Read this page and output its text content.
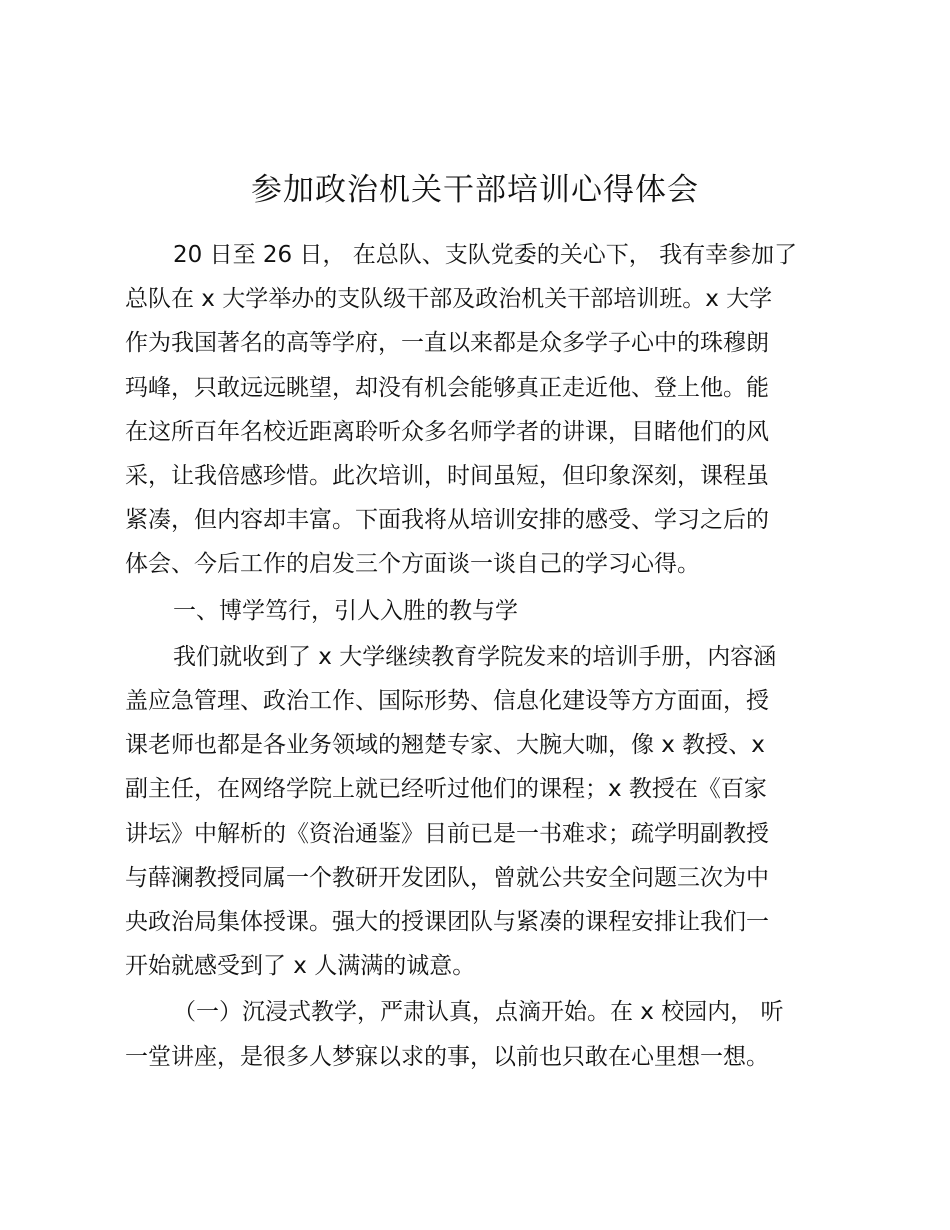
参加政治机关干部培训心得体会

20 日至 26 日， 在总队、支队党委的关心下， 我有幸参加了
总队在 x 大学举办的支队级干部及政治机关干部培训班。x 大学
作为我国著名的高等学府，一直以来都是众多学子心中的珠穆朗
玛峰，只敢远远眺望，却没有机会能够真正走近他、登上他。能
在这所百年名校近距离聆听众多名师学者的讲课，目睹他们的风
采，让我倍感珍惜。此次培训，时间虽短，但印象深刻，课程虽
紧凑，但内容却丰富。下面我将从培训安排的感受、学习之后的
体会、今后工作的启发三个方面谈一谈自己的学习心得。

一、博学笃行，引人入胜的教与学

我们就收到了 x 大学继续教育学院发来的培训手册，内容涵
盖应急管理、政治工作、国际形势、信息化建设等方方面面，授
课老师也都是各业务领域的翘楚专家、大腕大咖，像 x 教授、x
副主任，在网络学院上就已经听过他们的课程；x 教授在《百家
讲坛》中解析的《资治通鉴》目前已是一书难求；疏学明副教授
与薛澜教授同属一个教研开发团队，曾就公共安全问题三次为中
央政治局集体授课。强大的授课团队与紧凑的课程安排让我们一
开始就感受到了 x 人满满的诚意。

（一）沉浸式教学，严肃认真，点滴开始。在 x 校园内， 听
一堂讲座，是很多人梦寐以求的事，以前也只敢在心里想一想。
